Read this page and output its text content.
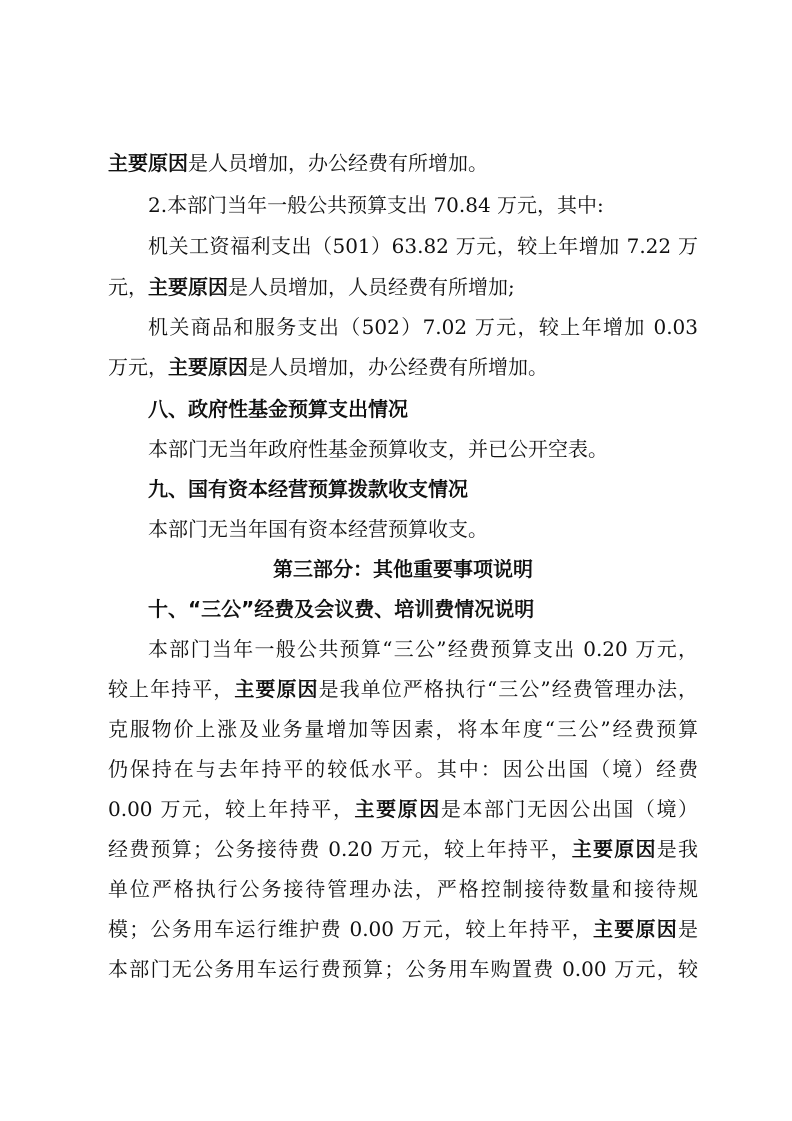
主要原因是人员增加，办公经费有所增加。
2.本部门当年一般公共预算支出 70.84 万元，其中:
机关工资福利支出（501）63.82 万元，较上年增加 7.22 万
元，主要原因是人员增加，人员经费有所增加;
机关商品和服务支出（502）7.02 万元，较上年增加 0.03
万元，主要原因是人员增加，办公经费有所增加。
八、政府性基金预算支出情况
本部门无当年政府性基金预算收支，并已公开空表。
九、国有资本经营预算拨款收支情况
本部门无当年国有资本经营预算收支。
第三部分：其他重要事项说明
十、“三公”经费及会议费、培训费情况说明
本部门当年一般公共预算“三公”经费预算支出 0.20 万元，
较上年持平，主要原因是我单位严格执行“三公”经费管理办法，
克服物价上涨及业务量增加等因素，将本年度“三公”经费预算
仍保持在与去年持平的较低水平。其中：因公出国（境）经费
0.00 万元，较上年持平，主要原因是本部门无因公出国（境）
经费预算；公务接待费 0.20 万元，较上年持平，主要原因是我
单位严格执行公务接待管理办法，严格控制接待数量和接待规
模；公务用车运行维护费 0.00 万元，较上年持平，主要原因是
本部门无公务用车运行费预算；公务用车购置费 0.00 万元，较
